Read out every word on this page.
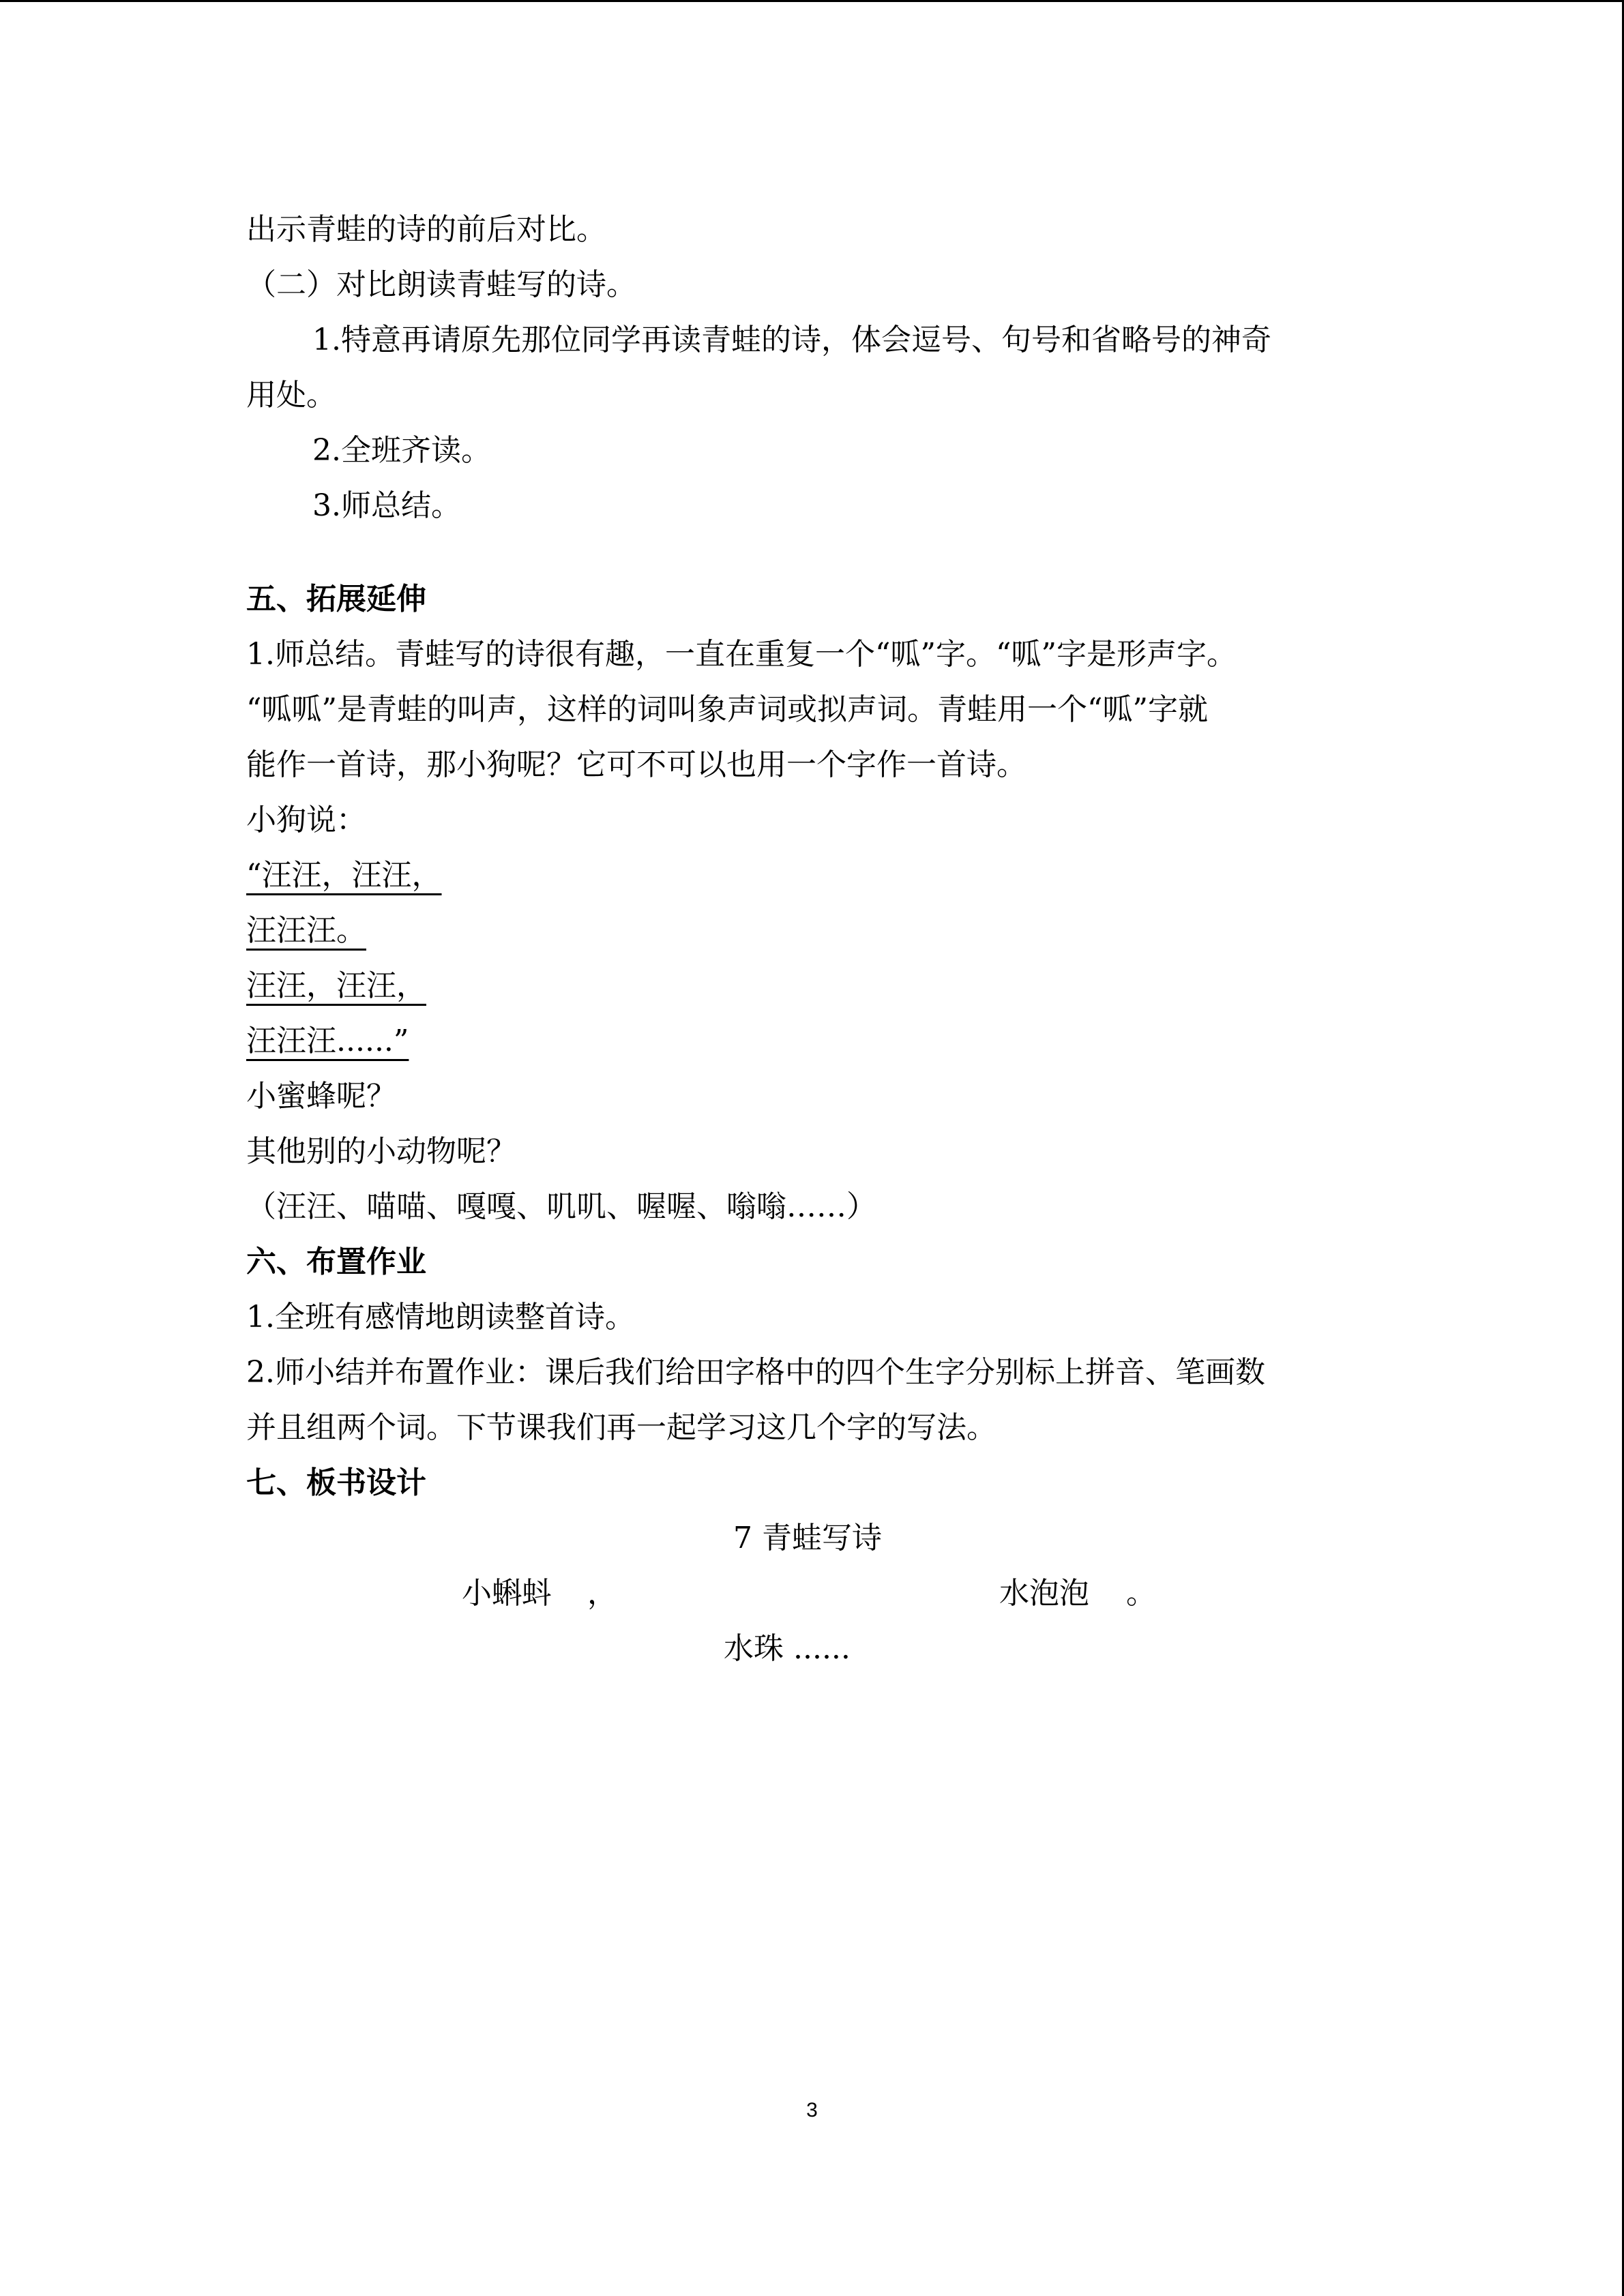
出示青蛙的诗的前后对比。
（二）对比朗读青蛙写的诗。
1.特意再请原先那位同学再读青蛙的诗，体会逗号、句号和省略号的神奇
用处。
2.全班齐读。
3.师总结。
五、拓展延伸
1.师总结。青蛙写的诗很有趣，一直在重复一个“呱”字。“呱”字是形声字。
“呱呱”是青蛙的叫声，这样的词叫象声词或拟声词。青蛙用一个“呱”字就
能作一首诗，那小狗呢？它可不可以也用一个字作一首诗。
小狗说：
“汪汪，汪汪，
汪汪汪。
汪汪，汪汪，
汪汪汪......”
小蜜蜂呢？
其他别的小动物呢？
（汪汪、喵喵、嘎嘎、叽叽、喔喔、嗡嗡……）
六、布置作业
1.全班有感情地朗读整首诗。
2.师小结并布置作业：课后我们给田字格中的四个生字分别标上拼音、笔画数
并且组两个词。下节课我们再一起学习这几个字的写法。
七、板书设计
7 青蛙写诗
小蝌蚪 ，	水泡泡 。
水珠 ......
3
